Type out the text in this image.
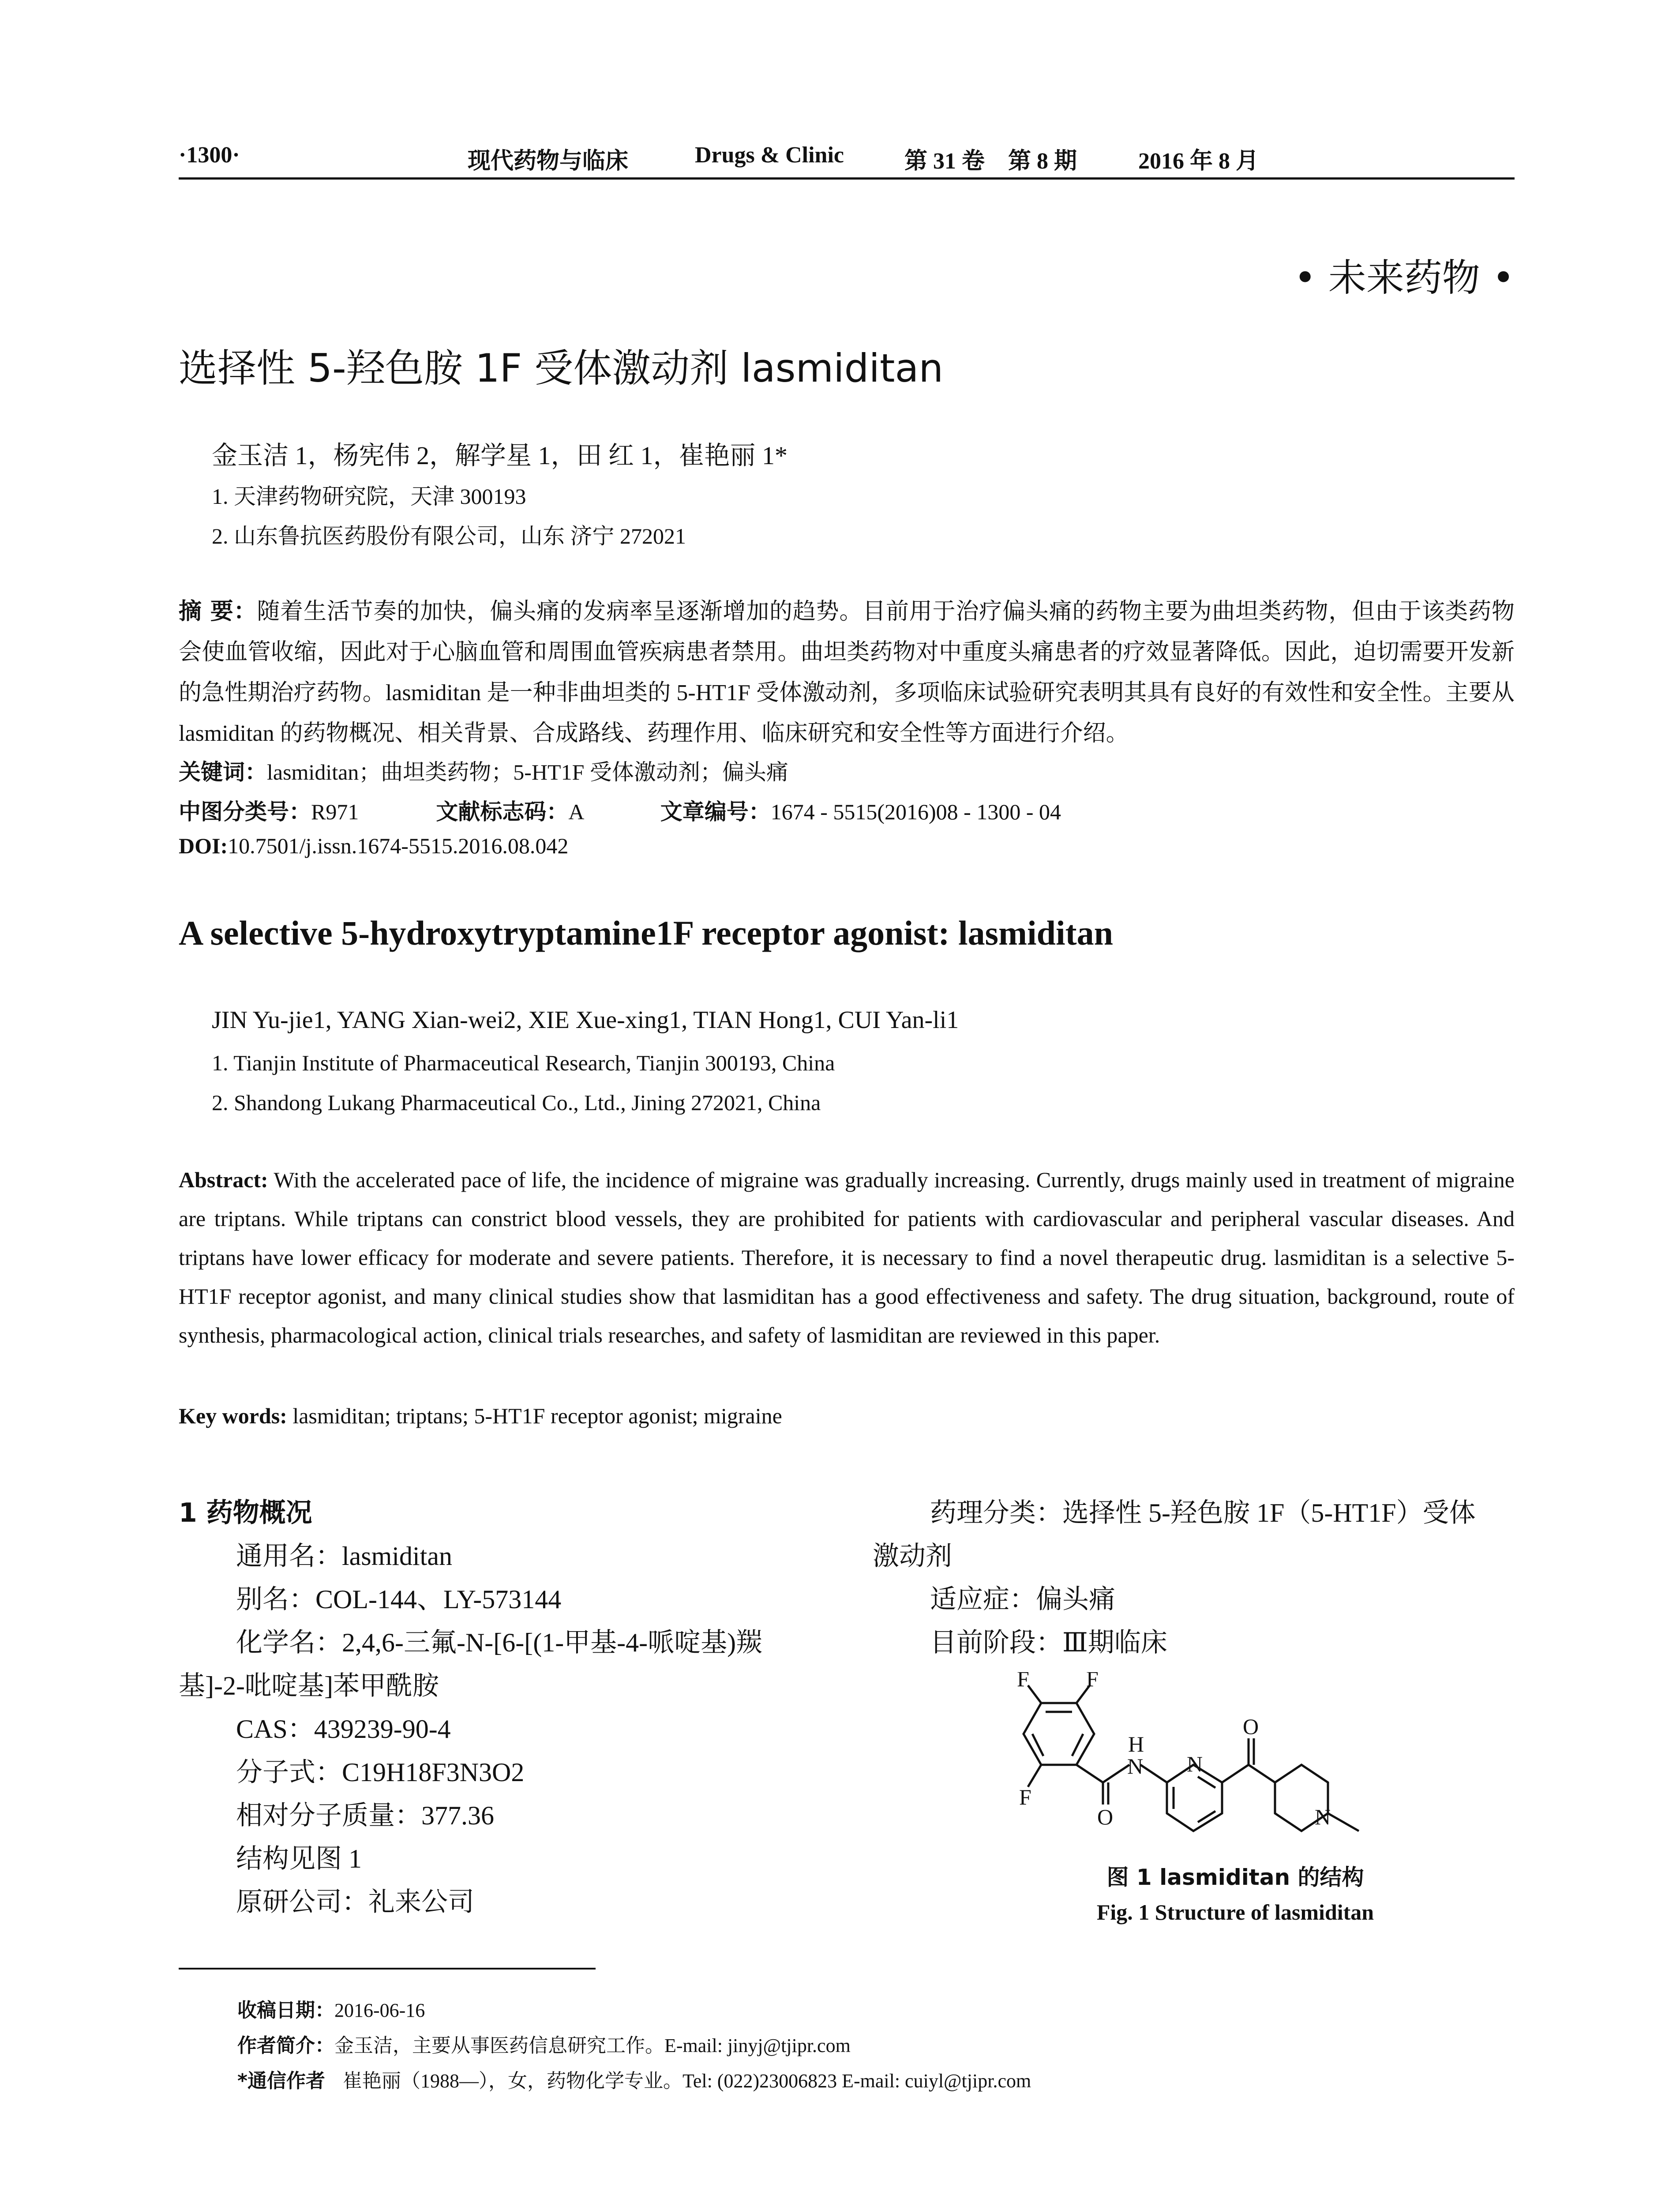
·1300·	现代药物与临床	Drugs & Clinic	第 31 卷 第 8 期	2016 年 8 月
• 未来药物 •
选择性 5-羟色胺 1F 受体激动剂 lasmiditan
金玉洁 1，杨宪伟 2，解学星 1，田 红 1，崔艳丽 1*
1. 天津药物研究院，天津 300193
2. 山东鲁抗医药股份有限公司，山东 济宁 272021
摘 要：随着生活节奏的加快，偏头痛的发病率呈逐渐增加的趋势。目前用于治疗偏头痛的药物主要为曲坦类药物，但由于该类药物会使血管收缩，因此对于心脑血管和周围血管疾病患者禁用。曲坦类药物对中重度头痛患者的疗效显著降低。因此，迫切需要开发新的急性期治疗药物。lasmiditan 是一种非曲坦类的 5-HT1F 受体激动剂，多项临床试验研究表明其具有良好的有效性和安全性。主要从 lasmiditan 的药物概况、相关背景、合成路线、药理作用、临床研究和安全性等方面进行介绍。
关键词：lasmiditan；曲坦类药物；5-HT1F 受体激动剂；偏头痛
中图分类号：R971	文献标志码：A	文章编号：1674 - 5515(2016)08 - 1300 - 04
DOI:10.7501/j.issn.1674-5515.2016.08.042
A selective 5-hydroxytryptamine1F receptor agonist: lasmiditan
JIN Yu-jie1, YANG Xian-wei2, XIE Xue-xing1, TIAN Hong1, CUI Yan-li1
1. Tianjin Institute of Pharmaceutical Research, Tianjin 300193, China
2. Shandong Lukang Pharmaceutical Co., Ltd., Jining 272021, China
Abstract: With the accelerated pace of life, the incidence of migraine was gradually increasing. Currently, drugs mainly used in treatment of migraine are triptans. While triptans can constrict blood vessels, they are prohibited for patients with cardiovascular and peripheral vascular diseases. And triptans have lower efficacy for moderate and severe patients. Therefore, it is necessary to find a novel therapeutic drug. lasmiditan is a selective 5-HT1F receptor agonist, and many clinical studies show that lasmiditan has a good effectiveness and safety. The drug situation, background, route of synthesis, pharmacological action, clinical trials researches, and safety of lasmiditan are reviewed in this paper.
Key words: lasmiditan; triptans; 5-HT1F receptor agonist; migraine
1 药物概况
通用名：lasmiditan
别名：COL-144、LY-573144
化学名：2,4,6-三氟-N-[6-[(1-甲基-4-哌啶基)羰
基]-2-吡啶基]苯甲酰胺
CAS：439239-90-4
分子式：C19H18F3N3O2
相对分子质量：377.36
结构见图 1
原研公司：礼来公司
药理分类：选择性 5-羟色胺 1F（5-HT1F）受体
激动剂
适应症：偏头痛
目前阶段：Ⅲ期临床
F	F
F
O
N
H
N
O
N
图 1 lasmiditan 的结构
Fig. 1 Structure of lasmiditan
收稿日期：2016-06-16
作者简介：金玉洁，主要从事医药信息研究工作。E-mail: jinyj@tjipr.com
*通信作者 崔艳丽（1988—），女，药物化学专业。Tel: (022)23006823 E-mail: cuiyl@tjipr.com
